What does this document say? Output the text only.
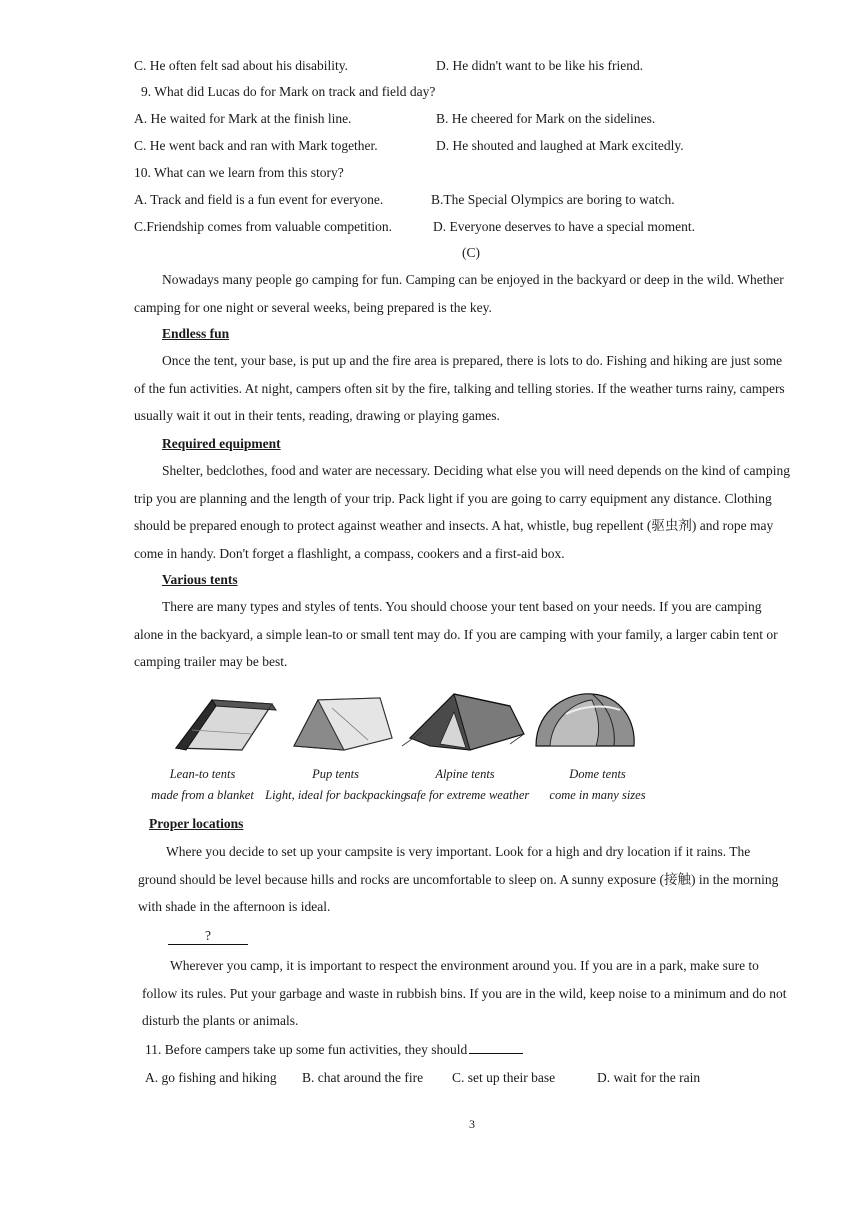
C. He often felt sad about his disability.	D. He didn't want to be like his friend.
9. What did Lucas do for Mark on track and field day?
A. He waited for Mark at the finish line.	B. He cheered for Mark on the sidelines.
C. He went back and ran with Mark together.	D. He shouted and laughed at Mark excitedly.
10. What can we learn from this story?
A. Track and field is a fun event for everyone.	B.The Special Olympics are boring to watch.
C.Friendship comes from valuable competition.	D. Everyone deserves to have a special moment.
(C)
Nowadays many people go camping for fun. Camping can be enjoyed in the backyard or deep in the wild. Whether camping for one night or several weeks, being prepared is the key.
Endless fun
Once the tent, your base, is put up and the fire area is prepared, there is lots to do. Fishing and hiking are just some of the fun activities. At night, campers often sit by the fire, talking and telling stories. If the weather turns rainy, campers usually wait it out in their tents, reading, drawing or playing games.
Required equipment
Shelter, bedclothes, food and water are necessary. Deciding what else you will need depends on the kind of camping trip you are planning and the length of your trip. Pack light if you are going to carry equipment any distance. Clothing should be prepared enough to protect against weather and insects. A hat, whistle, bug repellent (驱虫剂) and rope may come in handy. Don't forget a flashlight, a compass, cookers and a first-aid box.
Various tents
There are many types and styles of tents. You should choose your tent based on your needs. If you are camping alone in the backyard, a simple lean-to or small tent may do. If you are camping with your family, a larger cabin tent or camping trailer may be best.
Lean-to tents
made from a blanket
Pup tents
Light, ideal for backpacking
Alpine tents
safe for extreme weather
Dome tents
come in many sizes
Proper locations
Where you decide to set up your campsite is very important. Look for a high and dry location if it rains. The ground should be level because hills and rocks are uncomfortable to sleep on. A sunny exposure (接触) in the morning with shade in the afternoon is ideal.
?
Wherever you camp, it is important to respect the environment around you. If you are in a park, make sure to follow its rules. Put your garbage and waste in rubbish bins. If you are in the wild, keep noise to a minimum and do not disturb the plants or animals.
11. Before campers take up some fun activities, they should
A. go fishing and hiking B. chat around the fire C. set up their base	D. wait for the rain
3
